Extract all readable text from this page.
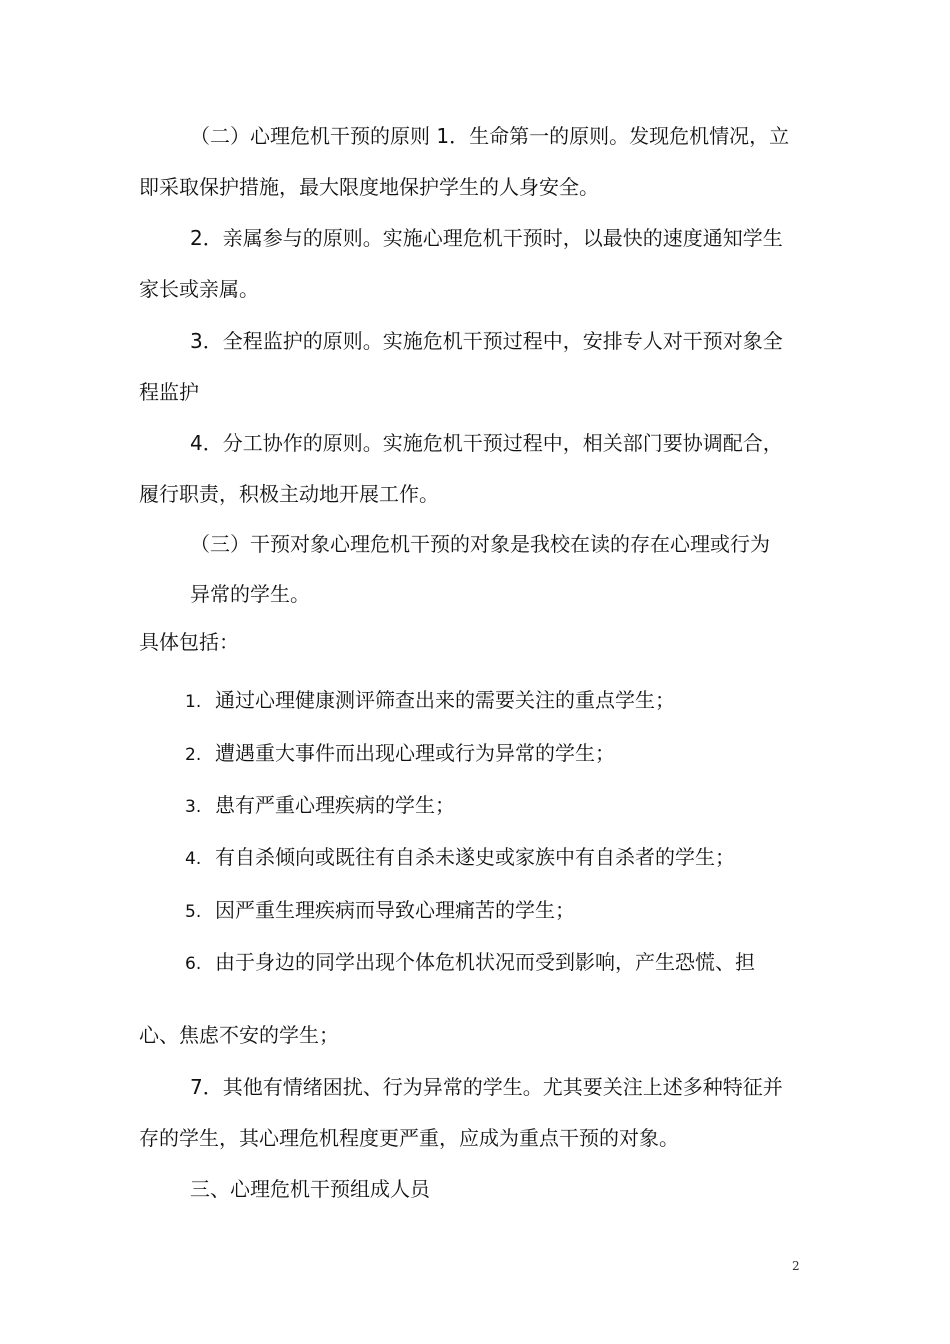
（二）心理危机干预的原则 1．生命第一的原则。发现危机情况，立
即采取保护措施，最大限度地保护学生的人身安全。
2．亲属参与的原则。实施心理危机干预时，以最快的速度通知学生
家长或亲属。
3．全程监护的原则。实施危机干预过程中，安排专人对干预对象全
程监护
4．分工协作的原则。实施危机干预过程中，相关部门要协调配合，
履行职责，积极主动地开展工作。
（三）干预对象心理危机干预的对象是我校在读的存在心理或行为
异常的学生。
具体包括：
1. 通过心理健康测评筛查出来的需要关注的重点学生；
2. 遭遇重大事件而出现心理或行为异常的学生；
3. 患有严重心理疾病的学生；
4. 有自杀倾向或既往有自杀未遂史或家族中有自杀者的学生；
5. 因严重生理疾病而导致心理痛苦的学生；
6. 由于身边的同学出现个体危机状况而受到影响，产生恐慌、担
心、焦虑不安的学生；
7．其他有情绪困扰、行为异常的学生。尤其要关注上述多种特征并
存的学生，其心理危机程度更严重，应成为重点干预的对象。
三、心理危机干预组成人员
2
